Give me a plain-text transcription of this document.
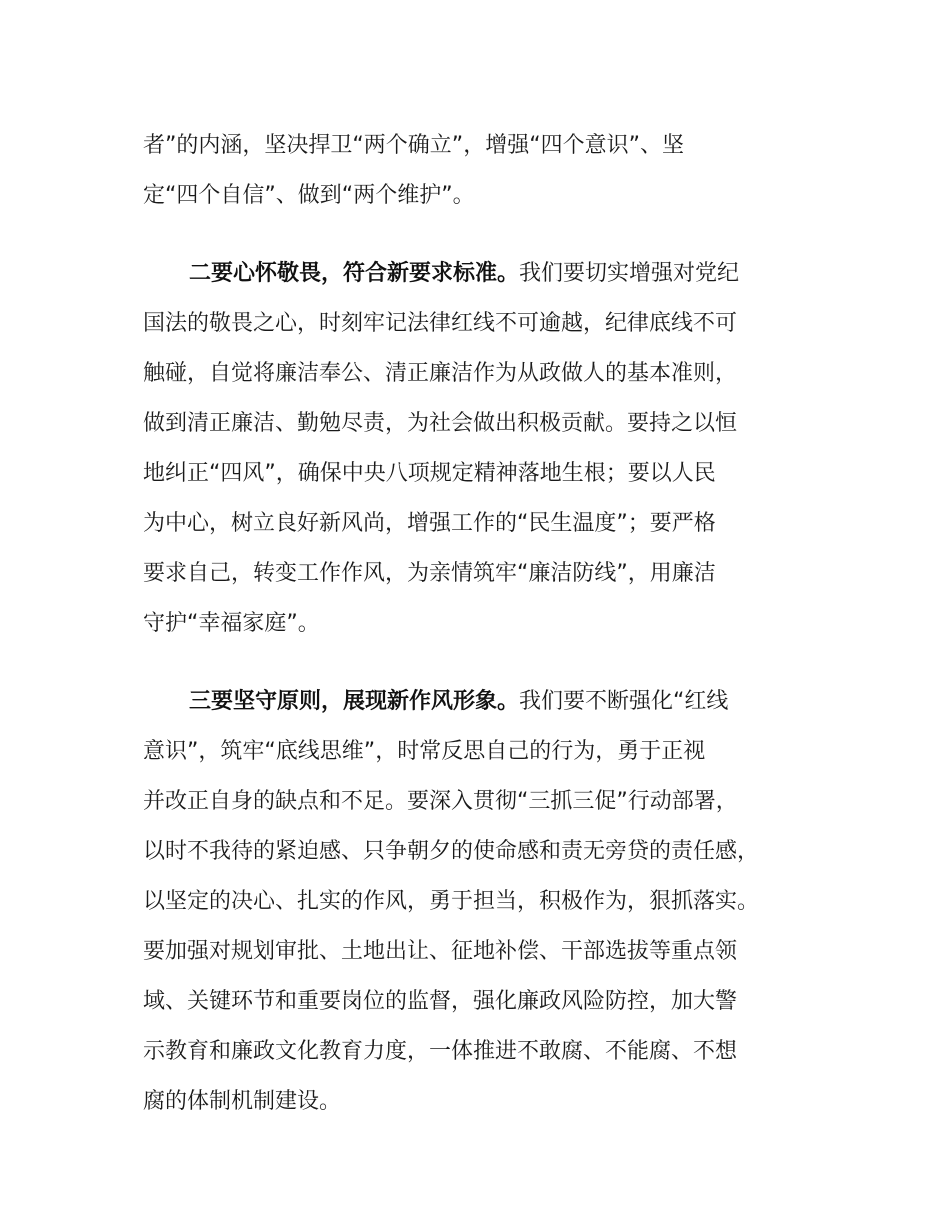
者”的内涵，坚决捍卫“两个确立”，增强“四个意识”、坚
定“四个自信”、做到“两个维护”。
二要心怀敬畏，符合新要求标准。我们要切实增强对党纪
国法的敬畏之心，时刻牢记法律红线不可逾越，纪律底线不可
触碰，自觉将廉洁奉公、清正廉洁作为从政做人的基本准则，
做到清正廉洁、勤勉尽责，为社会做出积极贡献。要持之以恒
地纠正“四风”，确保中央八项规定精神落地生根；要以人民
为中心，树立良好新风尚，增强工作的“民生温度”；要严格
要求自己，转变工作作风，为亲情筑牢“廉洁防线”，用廉洁
守护“幸福家庭”。
三要坚守原则，展现新作风形象。我们要不断强化“红线
意识”，筑牢“底线思维”，时常反思自己的行为，勇于正视
并改正自身的缺点和不足。要深入贯彻“三抓三促”行动部署，
以时不我待的紧迫感、只争朝夕的使命感和责无旁贷的责任感，
以坚定的决心、扎实的作风，勇于担当，积极作为，狠抓落实。
要加强对规划审批、土地出让、征地补偿、干部选拔等重点领
域、关键环节和重要岗位的监督，强化廉政风险防控，加大警
示教育和廉政文化教育力度，一体推进不敢腐、不能腐、不想
腐的体制机制建设。
